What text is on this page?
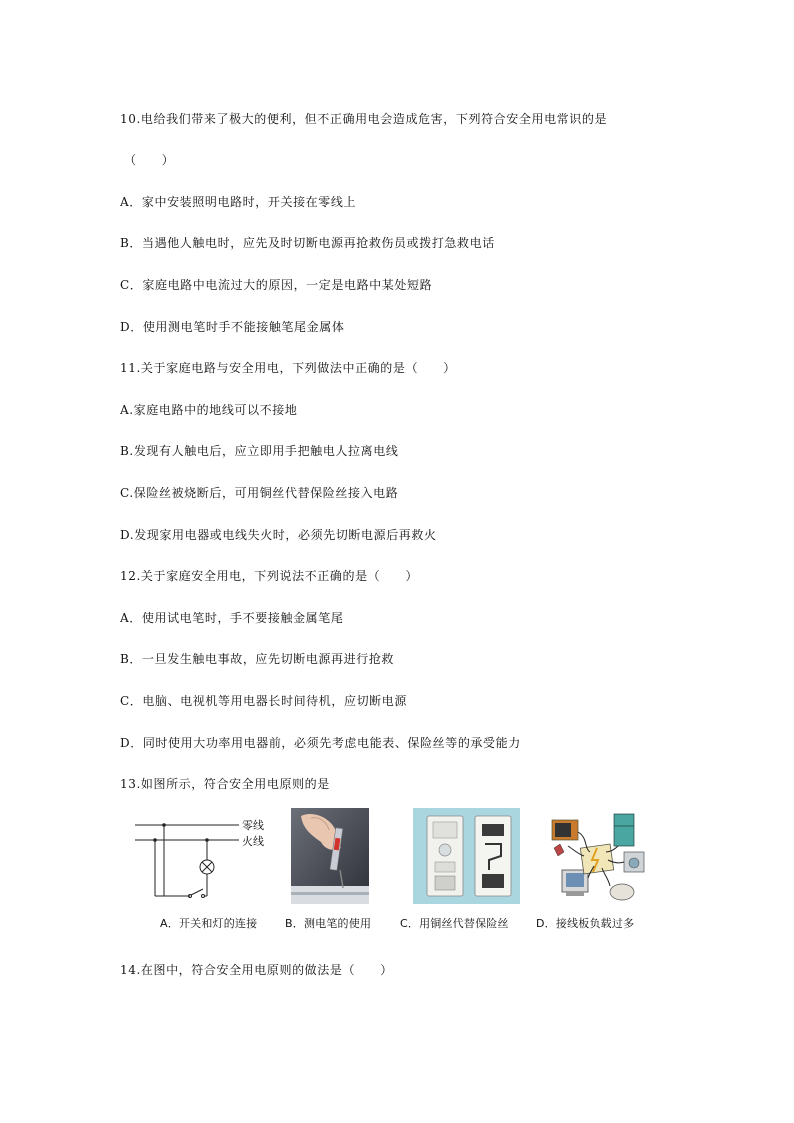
10.电给我们带来了极大的便利，但不正确用电会造成危害，下列符合安全用电常识的是
（　　）
A．家中安装照明电路时，开关接在零线上
B．当遇他人触电时，应先及时切断电源再抢救伤员或拨打急救电话
C．家庭电路中电流过大的原因，一定是电路中某处短路
D．使用测电笔时手不能接触笔尾金属体
11.关于家庭电路与安全用电，下列做法中正确的是（　　）
A.家庭电路中的地线可以不接地
B.发现有人触电后，应立即用手把触电人拉离电线
C.保险丝被烧断后，可用铜丝代替保险丝接入电路
D.发现家用电器或电线失火时，必须先切断电源后再救火
12.关于家庭安全用电，下列说法不正确的是（　　）
A．使用试电笔时，手不要接触金属笔尾
B．一旦发生触电事故，应先切断电源再进行抢救
C．电脑、电视机等用电器长时间待机，应切断电源
D．同时使用大功率用电器前，必须先考虑电能表、保险丝等的承受能力
13.如图所示，符合安全用电原则的是
零线
火线
A．开关和灯的连接	B．测电笔的使用	C．用铜丝代替保险丝 D．接线板负载过多
14.在图中，符合安全用电原则的做法是（　　）
